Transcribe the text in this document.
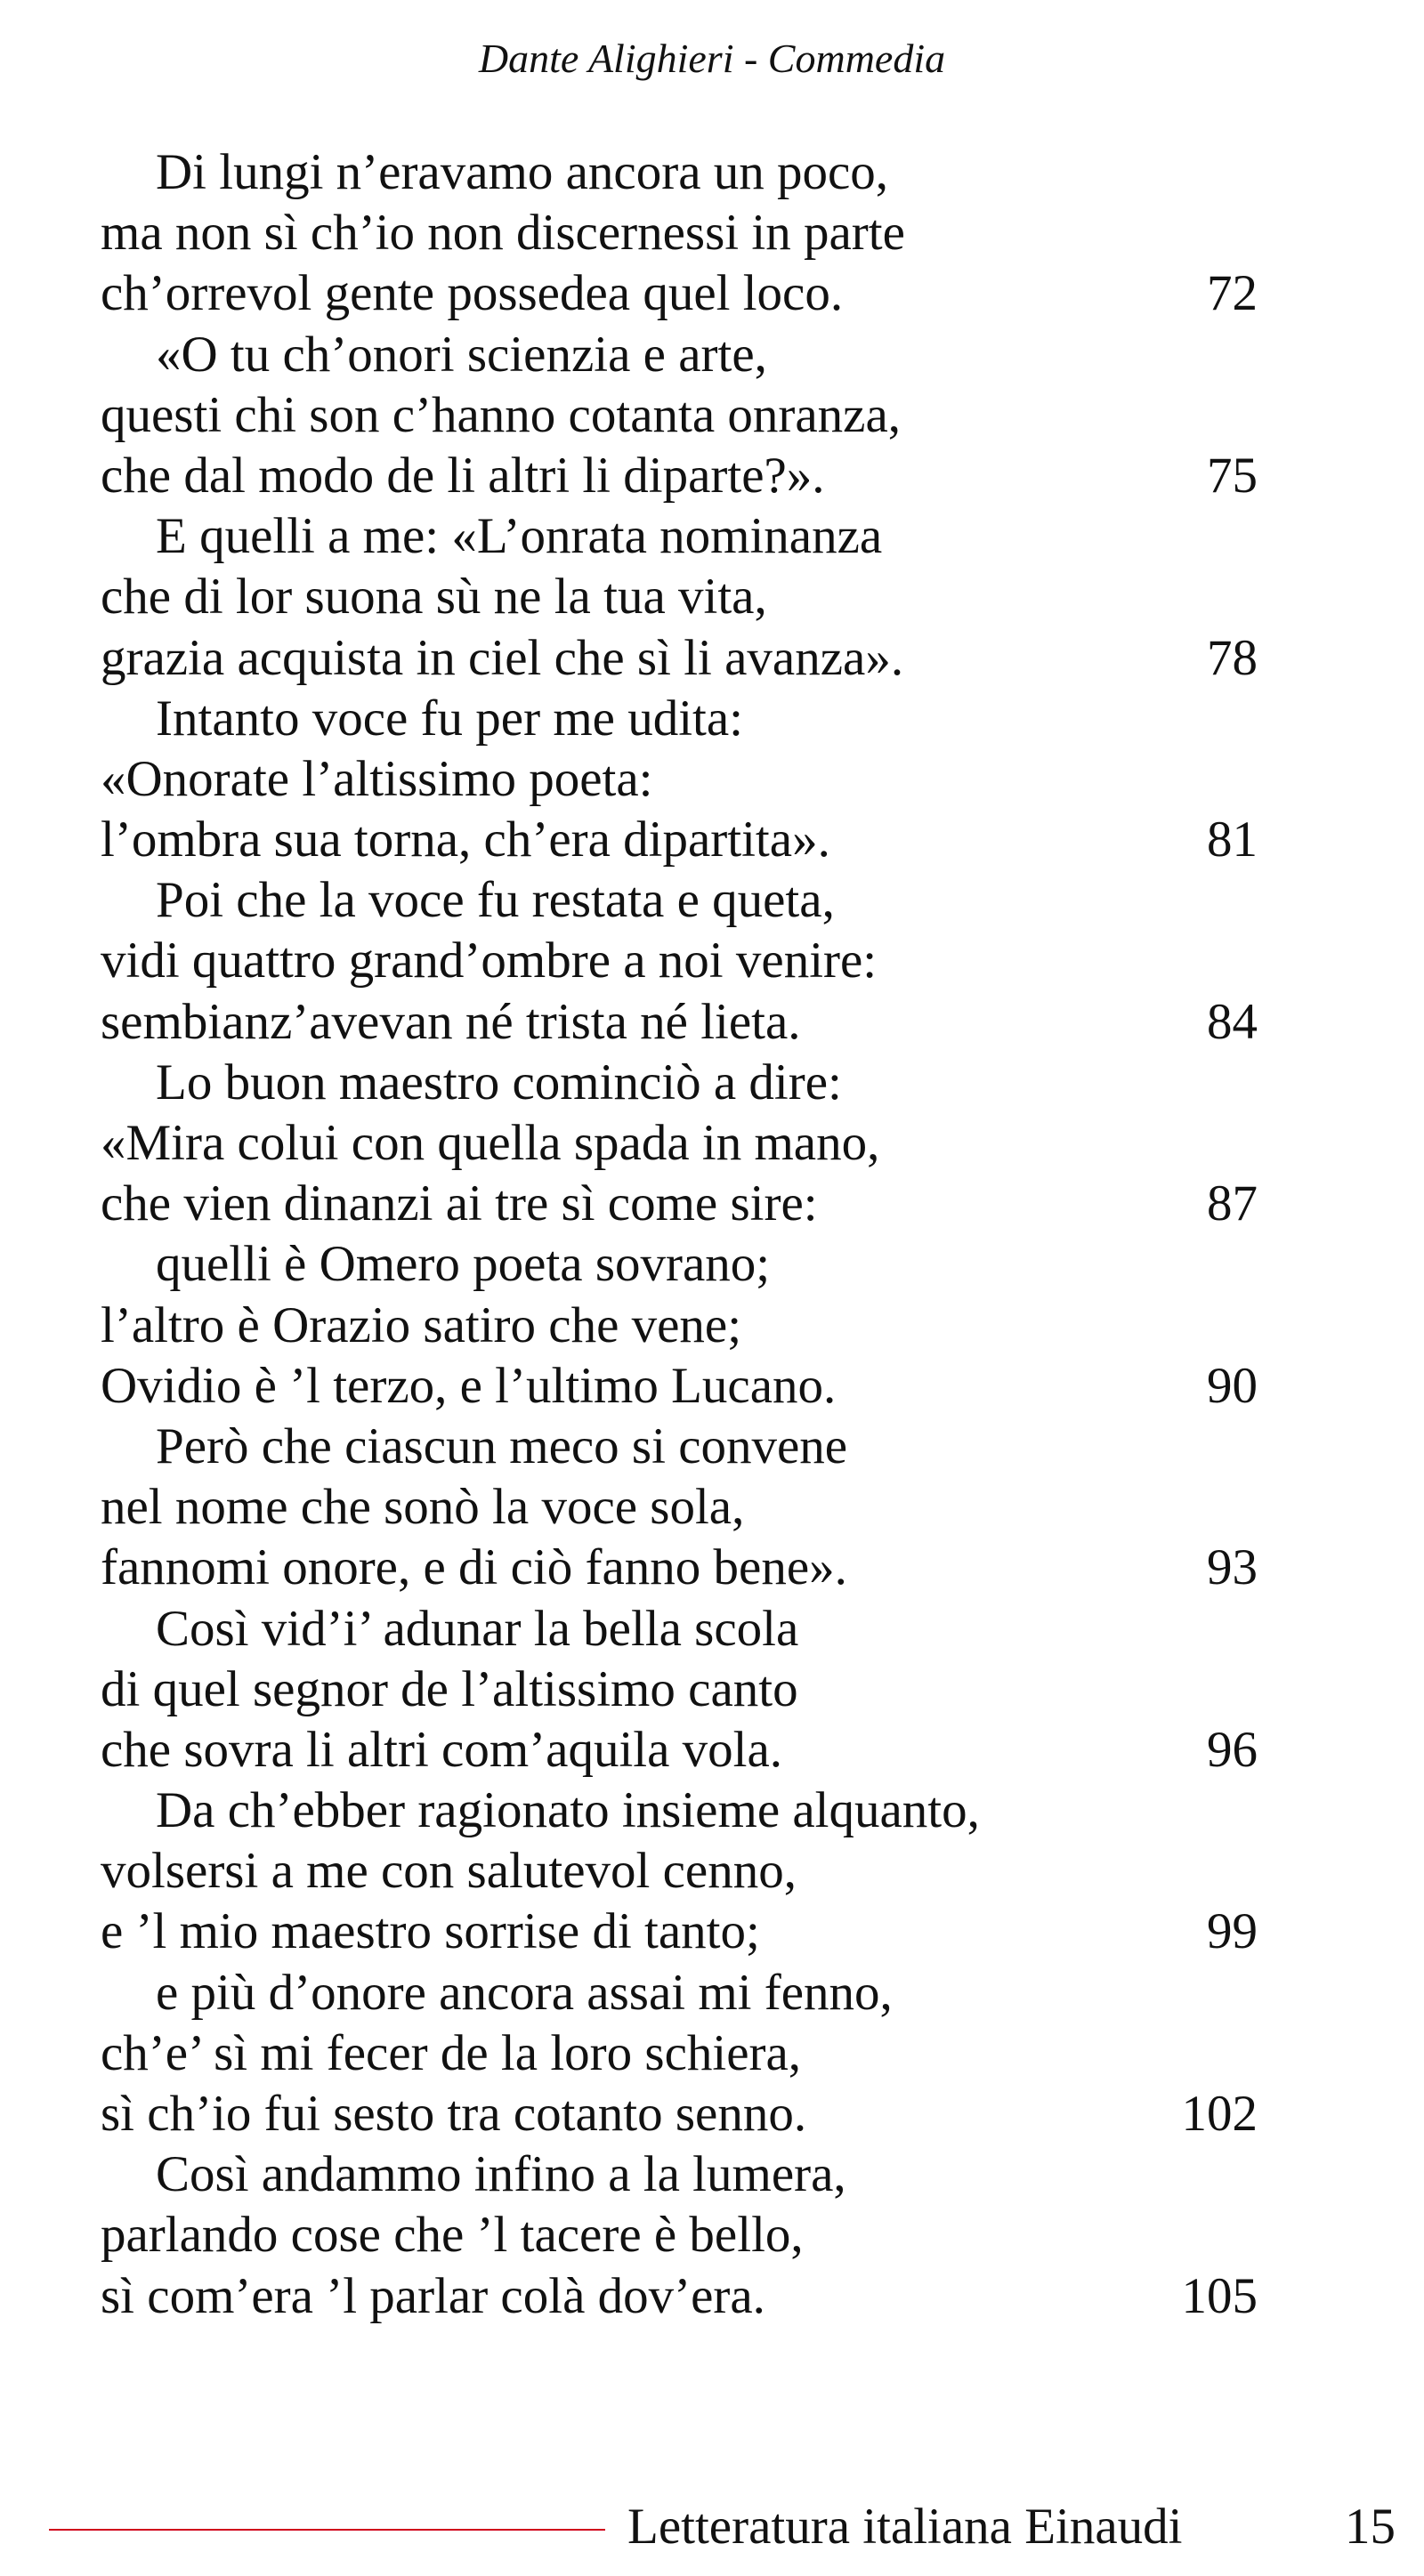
Dante Alighieri - Commedia
Di lungi n’eravamo ancora un poco,
ma non sì ch’io non discernessi in parte
ch’orrevol gente possedea quel loco.	72
«O tu ch’onori scienzia e arte,
questi chi son c’hanno cotanta onranza,
che dal modo de li altri li diparte?».	75
E quelli a me: «L’onrata nominanza
che di lor suona sù ne la tua vita,
grazia acquista in ciel che sì li avanza».	78
Intanto voce fu per me udita:
«Onorate l’altissimo poeta:
l’ombra sua torna, ch’era dipartita».	81
Poi che la voce fu restata e queta,
vidi quattro grand’ombre a noi venire:
sembianz’avevan né trista né lieta.	84
Lo buon maestro cominciò a dire:
«Mira colui con quella spada in mano,
che vien dinanzi ai tre sì come sire:	87
quelli è Omero poeta sovrano;
l’altro è Orazio satiro che vene;
Ovidio è ’l terzo, e l’ultimo Lucano.	90
Però che ciascun meco si convene
nel nome che sonò la voce sola,
fannomi onore, e di ciò fanno bene».	93
Così vid’i’ adunar la bella scola
di quel segnor de l’altissimo canto
che sovra li altri com’aquila vola.	96
Da ch’ebber ragionato insieme alquanto,
volsersi a me con salutevol cenno,
e ’l mio maestro sorrise di tanto;	99
e più d’onore ancora assai mi fenno,
ch’e’ sì mi fecer de la loro schiera,
sì ch’io fui sesto tra cotanto senno.	102
Così andammo infino a la lumera,
parlando cose che ’l tacere è bello,
sì com’era ’l parlar colà dov’era.	105
Letteratura italiana Einaudi	15
